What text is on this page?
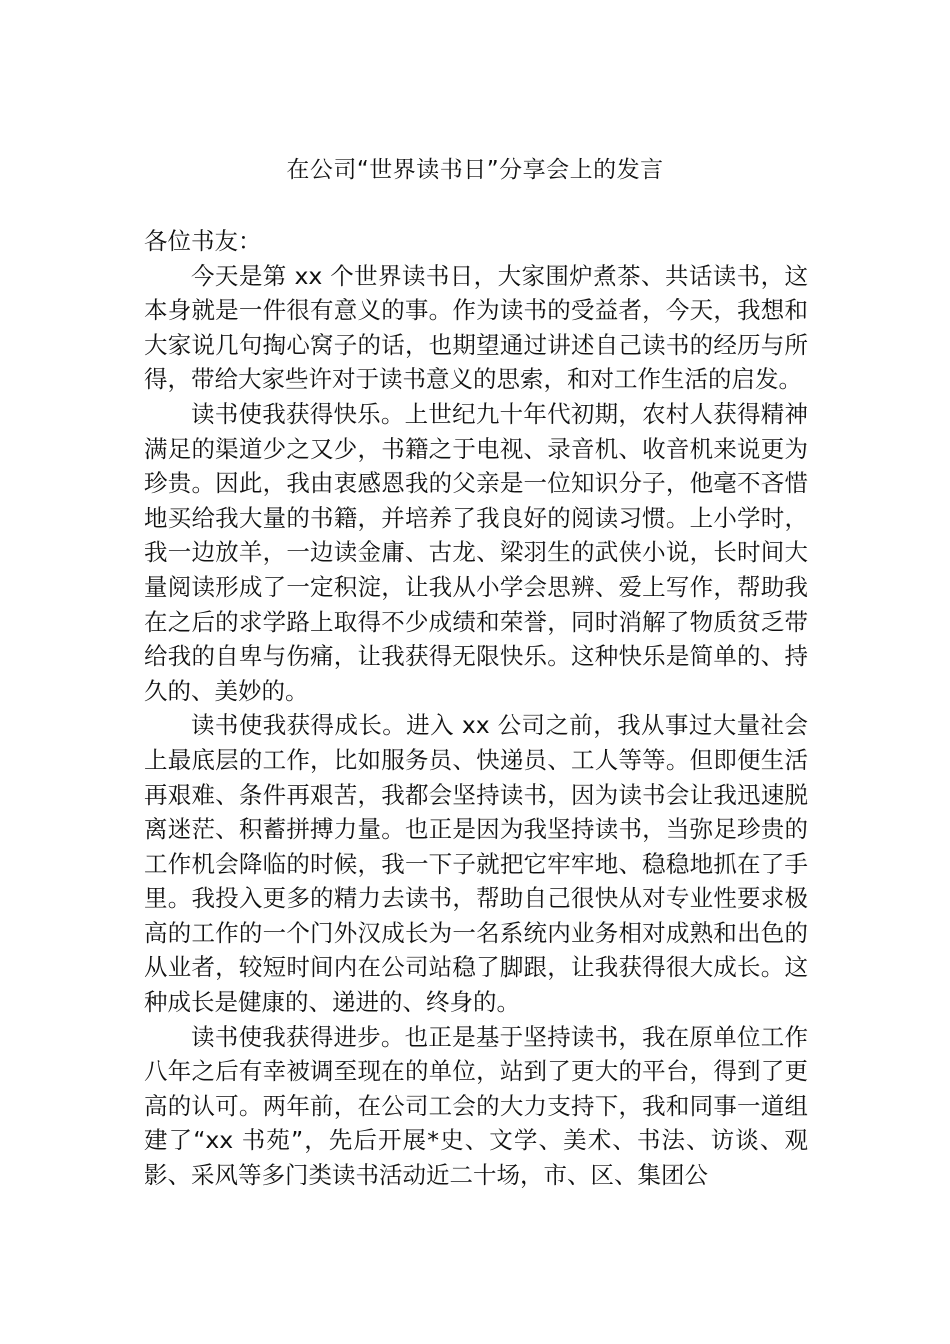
在公司“世界读书日”分享会上的发言

各位书友：

今天是第 xx 个世界读书日，大家围炉煮茶、共话读书，这本身就是一件很有意义的事。作为读书的受益者，今天，我想和大家说几句掏心窝子的话，也期望通过讲述自己读书的经历与所得，带给大家些许对于读书意义的思索，和对工作生活的启发。

读书使我获得快乐。上世纪九十年代初期，农村人获得精神满足的渠道少之又少，书籍之于电视、录音机、收音机来说更为珍贵。因此，我由衷感恩我的父亲是一位知识分子，他毫不吝惜地买给我大量的书籍，并培养了我良好的阅读习惯。上小学时，我一边放羊，一边读金庸、古龙、梁羽生的武侠小说，长时间大量阅读形成了一定积淀，让我从小学会思辨、爱上写作，帮助我在之后的求学路上取得不少成绩和荣誉，同时消解了物质贫乏带给我的自卑与伤痛，让我获得无限快乐。这种快乐是简单的、持久的、美妙的。

读书使我获得成长。进入 xx 公司之前，我从事过大量社会上最底层的工作，比如服务员、快递员、工人等等。但即便生活再艰难、条件再艰苦，我都会坚持读书，因为读书会让我迅速脱离迷茫、积蓄拼搏力量。也正是因为我坚持读书，当弥足珍贵的工作机会降临的时候，我一下子就把它牢牢地、稳稳地抓在了手里。我投入更多的精力去读书，帮助自己很快从对专业性要求极高的工作的一个门外汉成长为一名系统内业务相对成熟和出色的从业者，较短时间内在公司站稳了脚跟，让我获得很大成长。这种成长是健康的、递进的、终身的。

读书使我获得进步。也正是基于坚持读书，我在原单位工作八年之后有幸被调至现在的单位，站到了更大的平台，得到了更高的认可。两年前，在公司工会的大力支持下，我和同事一道组建了“xx 书苑”，先后开展*史、文学、美术、书法、访谈、观影、采风等多门类读书活动近二十场，市、区、集团公
